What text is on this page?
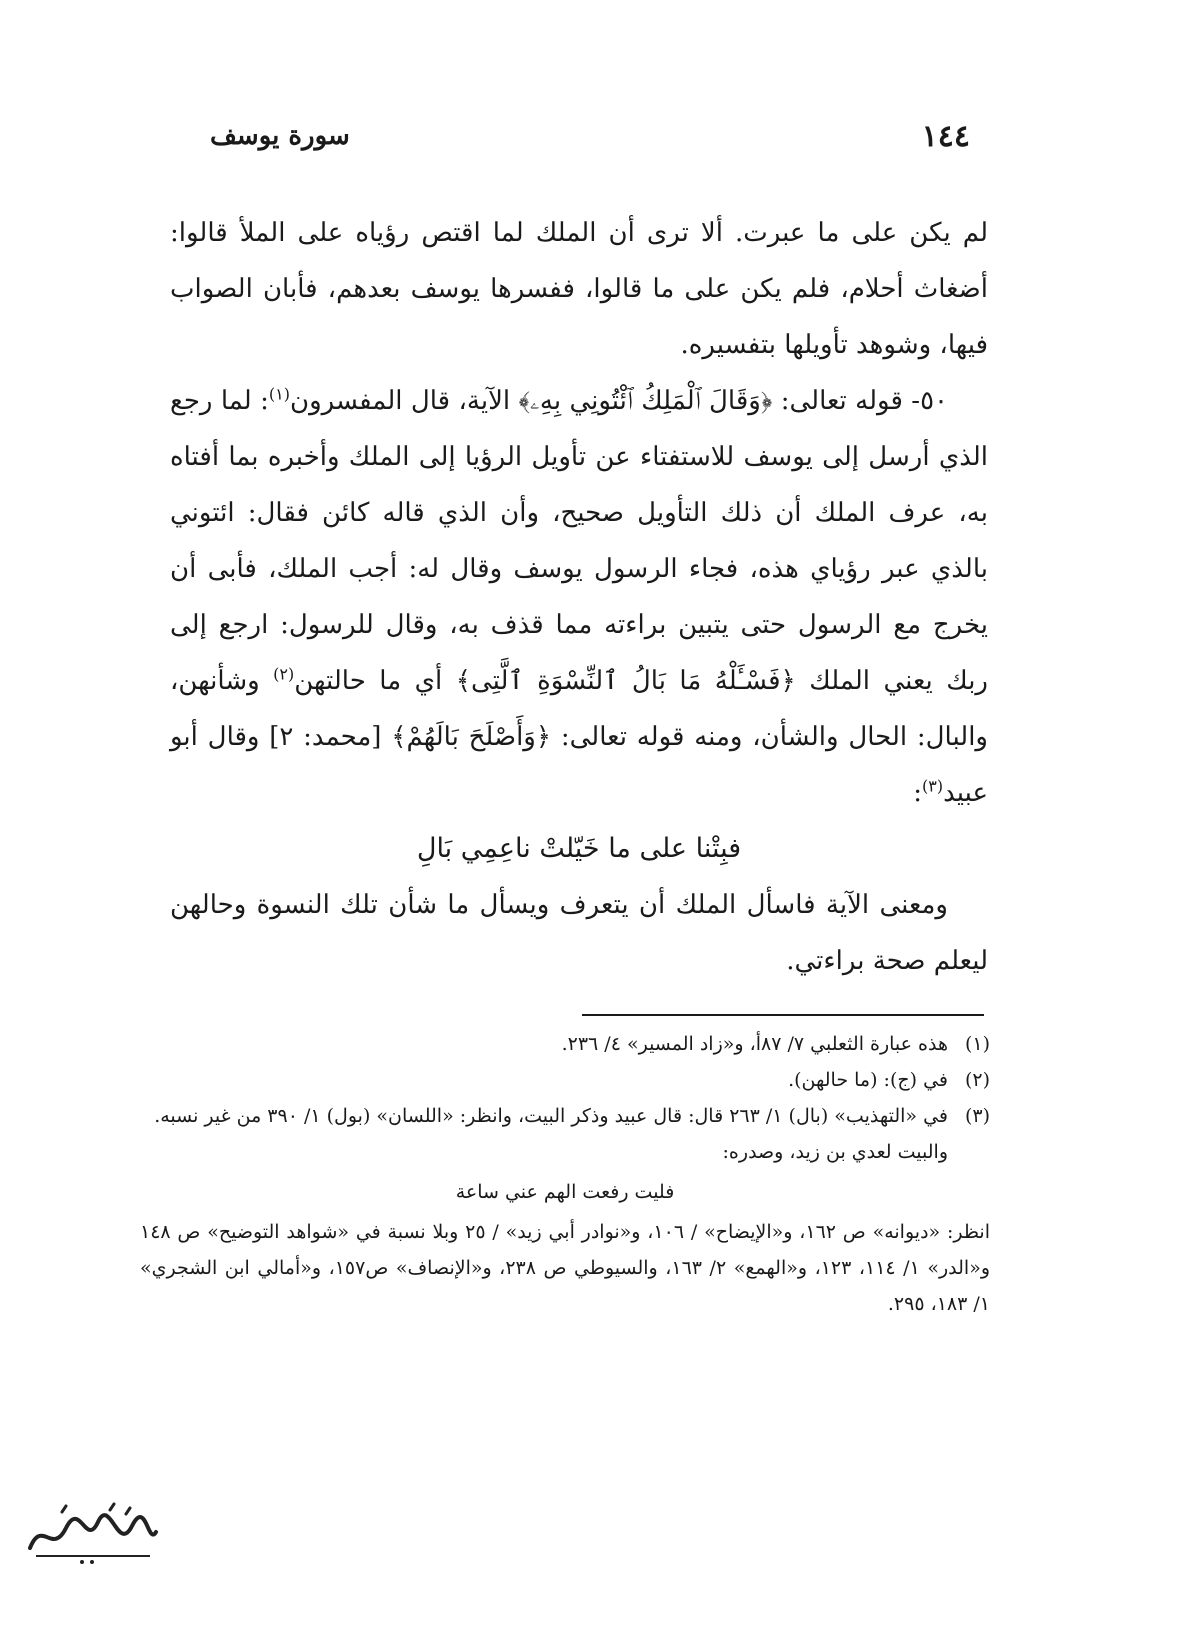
١٤٤
سورة يوسف

لم يكن على ما عبرت. ألا ترى أن الملك لما اقتص رؤياه على الملأ قالوا: أضغاث أحلام، فلم يكن على ما قالوا، ففسرها يوسف بعدهم، فأبان الصواب فيها، وشوهد تأويلها بتفسيره.

٥٠- قوله تعالى: ﴿وَقَالَ ٱلْمَلِكُ ٱئْتُونِي بِهِۦ﴾ الآية، قال المفسرون$^{(١)}$: لما رجع الذي أرسل إلى يوسف للاستفتاء عن تأويل الرؤيا إلى الملك وأخبره بما أفتاه به، عرف الملك أن ذلك التأويل صحيح، وأن الذي قاله كائن فقال: ائتوني بالذي عبر رؤياي هذه، فجاء الرسول يوسف وقال له: أجب الملك، فأبى أن يخرج مع الرسول حتى يتبين براءته مما قذف به، وقال للرسول: ارجع إلى ربك يعني الملك ﴿فَسْـَٔلْهُ مَا بَالُ ٱلنِّسْوَةِ ٱلَّتِى﴾ أي ما حالتهن$^{(٢)}$ وشأنهن، والبال: الحال والشأن، ومنه قوله تعالى: ﴿وَأَصْلَحَ بَالَهُمْ﴾ [محمد: ٢] وقال أبو عبيد$^{(٣)}$:

فبِتْنا على ما خَيّلتْ ناعِمِي بَالِ

ومعنى الآية فاسأل الملك أن يتعرف ويسأل ما شأن تلك النسوة وحالهن ليعلم صحة براءتي.

(١)
هذه عبارة الثعلبي ٧/ ٨٧أ، و«زاد المسير» ٤/ ٢٣٦.
(٢)
في (ج): (ما حالهن).
(٣)
في «التهذيب» (بال) ١/ ٢٦٣ قال: قال عبيد وذكر البيت، وانظر: «اللسان» (بول) ١/ ٣٩٠ من غير نسبه.
والبيت لعدي بن زيد، وصدره:
فليت رفعت الهم عني ساعة
انظر: «ديوانه» ص ١٦٢، و«الإيضاح» / ١٠٦، و«نوادر أبي زيد» / ٢٥ وبلا نسبة في «شواهد التوضيح» ص ١٤٨ و«الدر» ١/ ١١٤، ١٢٣، و«الهمع» ٢/ ١٦٣، والسيوطي ص ٢٣٨، و«الإنصاف» ص١٥٧، و«أمالي ابن الشجري» ١/ ١٨٣، ٢٩٥.
